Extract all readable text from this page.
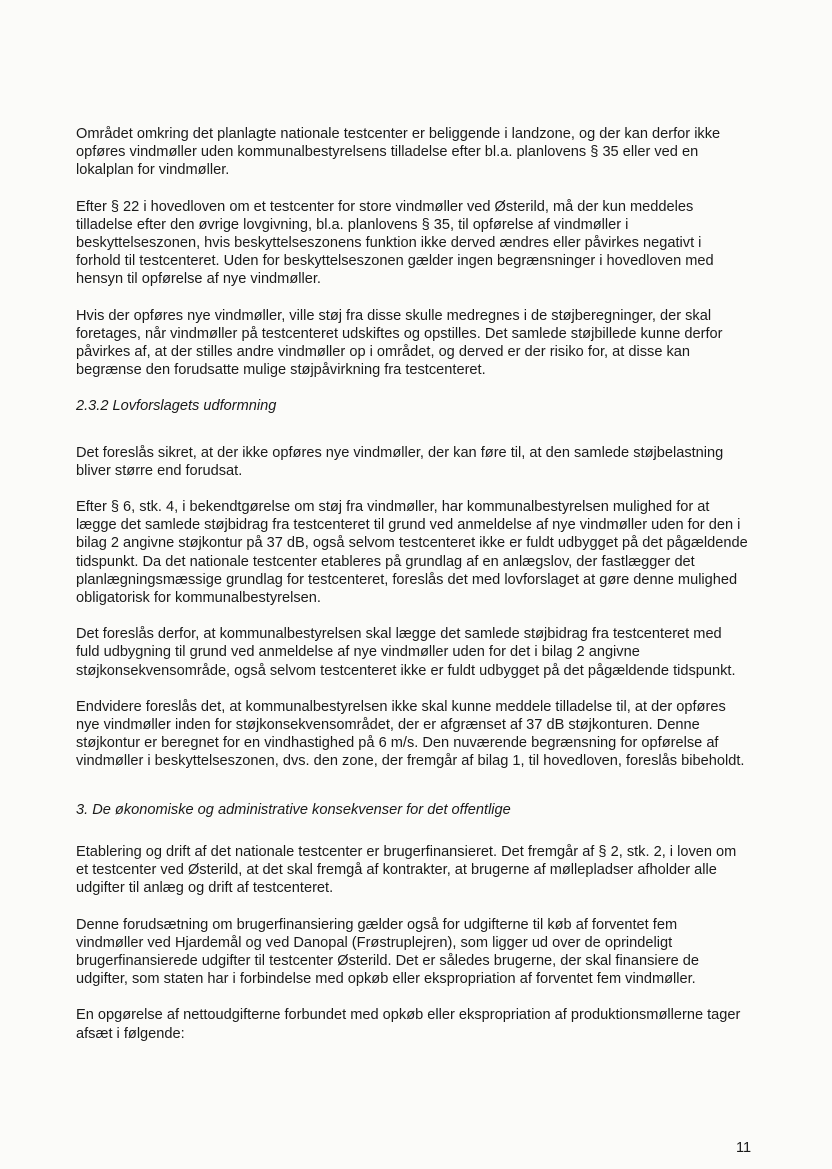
Området omkring det planlagte nationale testcenter er beliggende i landzone, og der kan derfor ikke opføres vindmøller uden kommunalbestyrelsens tilladelse efter bl.a. planlovens § 35 eller ved en lokalplan for vindmøller.

Efter § 22 i hovedloven om et testcenter for store vindmøller ved Østerild, må der kun meddeles tilladelse efter den øvrige lovgivning, bl.a. planlovens § 35, til opførelse af vindmøller i beskyttelseszonen, hvis beskyttelseszonens funktion ikke derved ændres eller påvirkes negativt i forhold til testcenteret. Uden for beskyttelseszonen gælder ingen begrænsninger i hovedloven med hensyn til opførelse af nye vindmøller.

Hvis der opføres nye vindmøller, ville støj fra disse skulle medregnes i de støjberegninger, der skal foretages, når vindmøller på testcenteret udskiftes og opstilles. Det samlede støjbillede kunne derfor påvirkes af, at der stilles andre vindmøller op i området, og derved er der risiko for, at disse kan begrænse den forudsatte mulige støjpåvirkning fra testcenteret.

2.3.2 Lovforslagets udformning

Det foreslås sikret, at der ikke opføres nye vindmøller, der kan føre til, at den samlede støjbelastning bliver større end forudsat.

Efter § 6, stk. 4, i bekendtgørelse om støj fra vindmøller, har kommunalbestyrelsen mulighed for at lægge det samlede støjbidrag fra testcenteret til grund ved anmeldelse af nye vindmøller uden for den i bilag 2 angivne støjkontur på 37 dB, også selvom testcenteret ikke er fuldt udbygget på det pågældende tidspunkt. Da det nationale testcenter etableres på grundlag af en anlægslov, der fastlægger det planlægningsmæssige grundlag for testcenteret, foreslås det med lovforslaget at gøre denne mulighed obligatorisk for kommunalbestyrelsen.

Det foreslås derfor, at kommunalbestyrelsen skal lægge det samlede støjbidrag fra testcenteret med fuld udbygning til grund ved anmeldelse af nye vindmøller uden for det i bilag 2 angivne støjkonsekvensområde, også selvom testcenteret ikke er fuldt udbygget på det pågældende tidspunkt.

Endvidere foreslås det, at kommunalbestyrelsen ikke skal kunne meddele tilladelse til, at der opføres nye vindmøller inden for støjkonsekvensområdet, der er afgrænset af 37 dB støjkonturen. Denne støjkontur er beregnet for en vindhastighed på 6 m/s. Den nuværende begrænsning for opførelse af vindmøller i beskyttelseszonen, dvs. den zone, der fremgår af bilag 1, til hovedloven, foreslås bibeholdt.

3. De økonomiske og administrative konsekvenser for det offentlige

Etablering og drift af det nationale testcenter er brugerfinansieret. Det fremgår af § 2, stk. 2, i loven om et testcenter ved Østerild, at det skal fremgå af kontrakter, at brugerne af møllepladser afholder alle udgifter til anlæg og drift af testcenteret.

Denne forudsætning om brugerfinansiering gælder også for udgifterne til køb af forventet fem vindmøller ved Hjardemål og ved Danopal (Frøstruplejren), som ligger ud over de oprindeligt brugerfinansierede udgifter til testcenter Østerild. Det er således brugerne, der skal finansiere de udgifter, som staten har i forbindelse med opkøb eller ekspropriation af forventet fem vindmøller.

En opgørelse af nettoudgifterne forbundet med opkøb eller ekspropriation af produktionsmøllerne tager afsæt i følgende:

11
